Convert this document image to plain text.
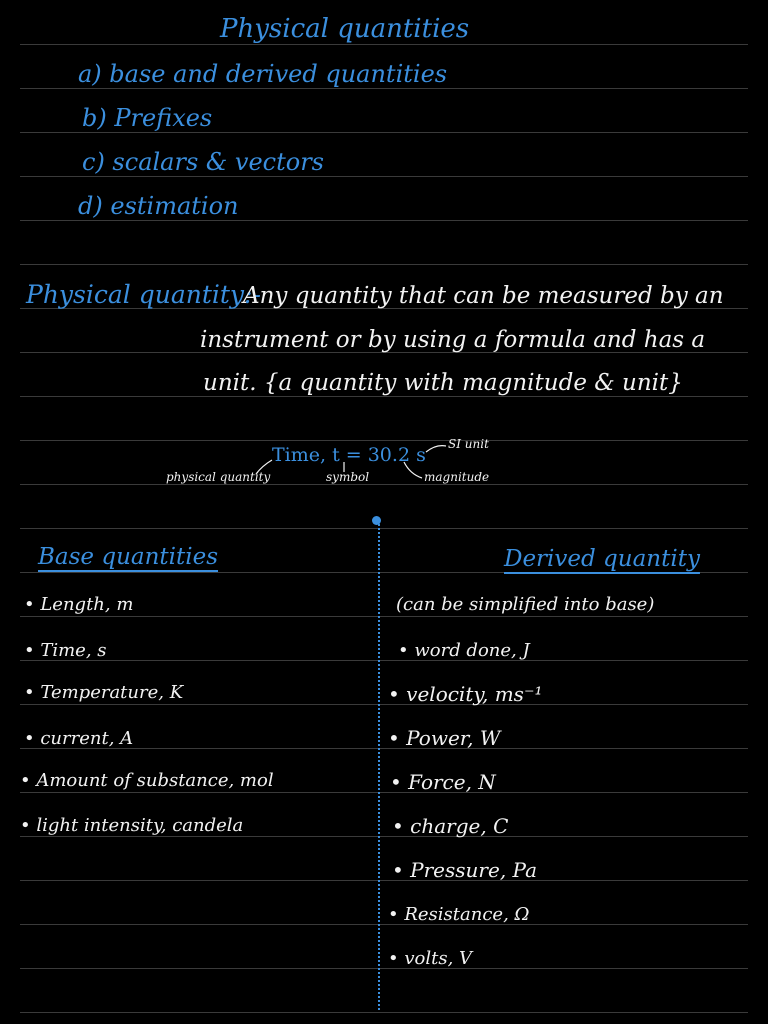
Physical quantities
a) base and derived quantities
b) Prefixes
c) scalars & vectors
d) estimation
Physical quantity:-
Any quantity that can be measured by an
instrument or by using a formula and has a
unit. {a quantity with magnitude & unit}
Time, t = 30.2 s SI unit
physical quantity	symbol	magnitude
Base quantities
• Length, m
• Time, s
• Temperature, K
• current, A
• Amount of substance, mol
• light intensity, candela
Derived quantity
(can be simplified into base)
• word done, J
• velocity, ms⁻¹
• Power, W
• Force, N
• charge, C
• Pressure, Pa
• Resistance, Ω
• volts, V
